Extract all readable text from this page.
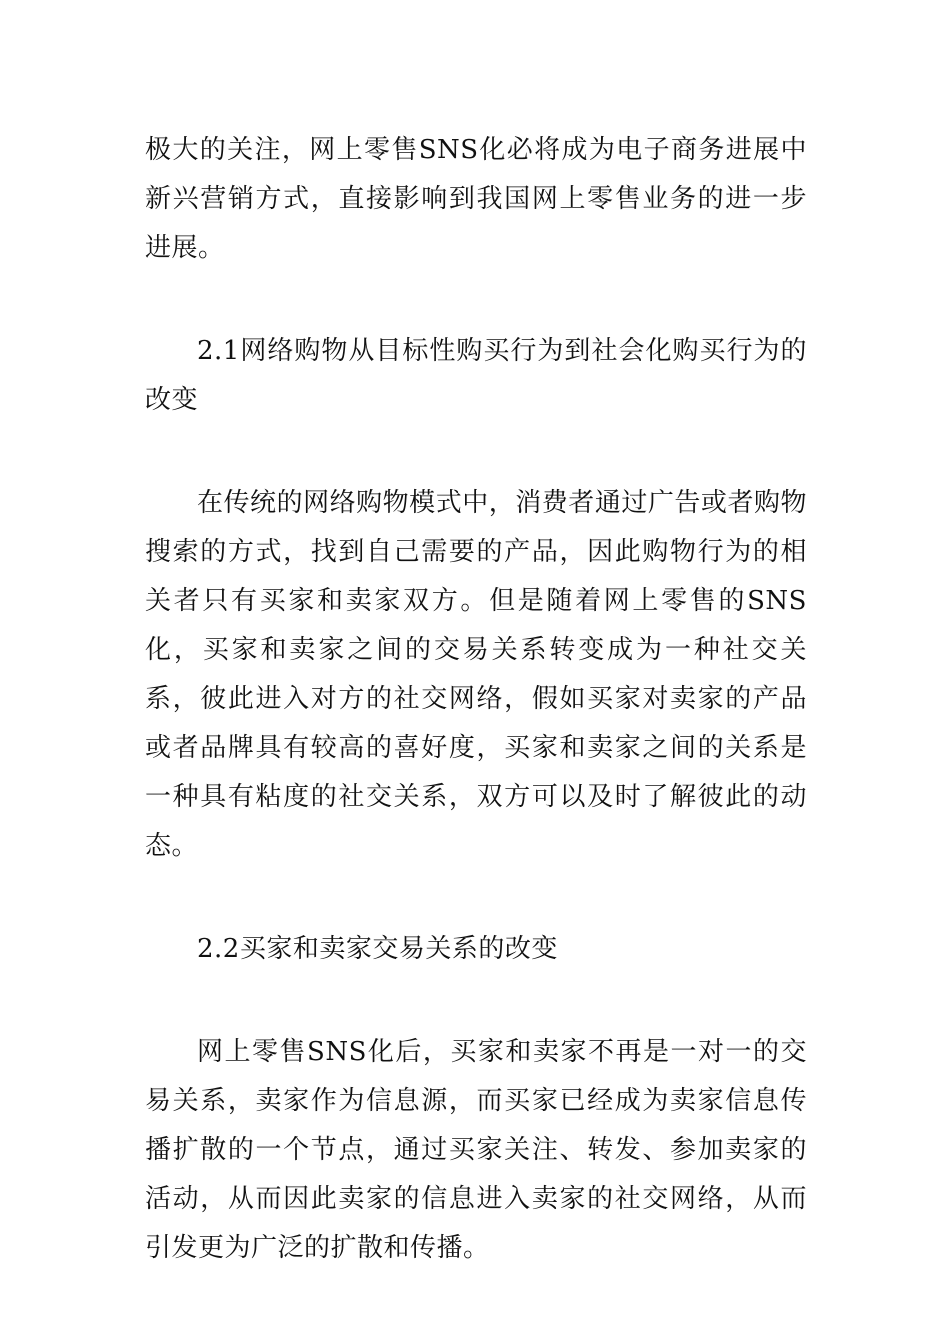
极大的关注，网上零售SNS化必将成为电子商务进展中新兴营销方式，直接影响到我国网上零售业务的进一步进展。

2.1网络购物从目标性购买行为到社会化购买行为的改变

在传统的网络购物模式中，消费者通过广告或者购物搜索的方式，找到自己需要的产品，因此购物行为的相关者只有买家和卖家双方。但是随着网上零售的SNS化，买家和卖家之间的交易关系转变成为一种社交关系，彼此进入对方的社交网络，假如买家对卖家的产品或者品牌具有较高的喜好度，买家和卖家之间的关系是一种具有粘度的社交关系，双方可以及时了解彼此的动态。

2.2买家和卖家交易关系的改变

网上零售SNS化后，买家和卖家不再是一对一的交易关系，卖家作为信息源，而买家已经成为卖家信息传播扩散的一个节点，通过买家关注、转发、参加卖家的活动，从而因此卖家的信息进入卖家的社交网络，从而引发更为广泛的扩散和传播。
